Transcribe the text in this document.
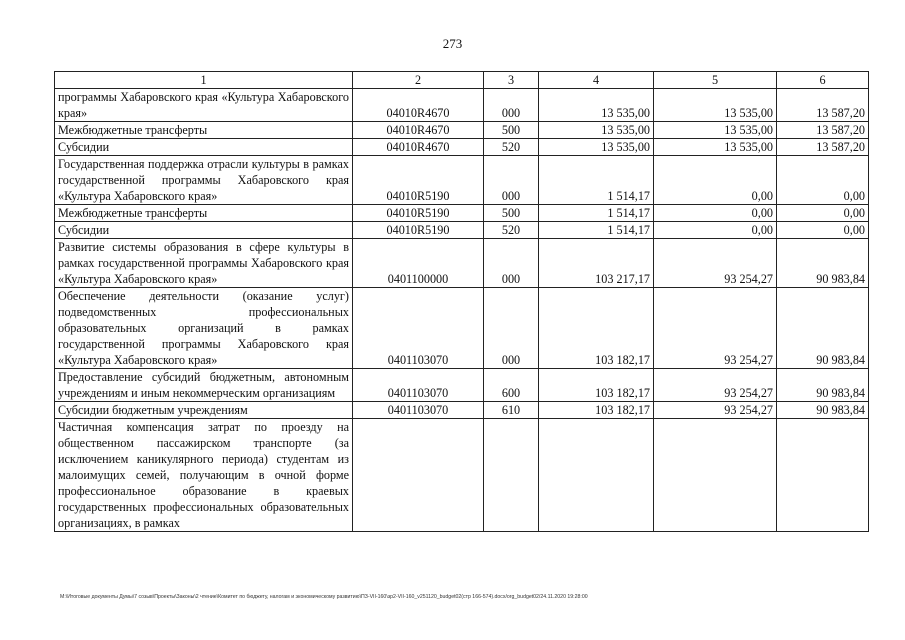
273
1	2	3	4	5	6
программы Хабаровского края «Культура Хабаровского края»	04010R4670	000	13 535,00	13 535,00	13 587,20
Межбюджетные трансферты	04010R4670	500	13 535,00	13 535,00	13 587,20
Субсидии	04010R4670	520	13 535,00	13 535,00	13 587,20
Государственная поддержка отрасли культуры в рамках государственной программы Хабаровского края «Культура Хабаровского края»	04010R5190	000	1 514,17	0,00	0,00
Межбюджетные трансферты	04010R5190	500	1 514,17	0,00	0,00
Субсидии	04010R5190	520	1 514,17	0,00	0,00
Развитие системы образования в сфере культуры в рамках государственной программы Хабаровского края «Культура Хабаровского края»	0401100000	000	103 217,17	93 254,27	90 983,84
Обеспечение деятельности (оказание услуг) подведомственных профессиональных образовательных организаций в рамках государственной программы Хабаровского края «Культура Хабаровского края»	0401103070	000	103 182,17	93 254,27	90 983,84
Предоставление субсидий бюджетным, автономным учреждениям и иным некоммерческим организациям	0401103070	600	103 182,17	93 254,27	90 983,84
Субсидии бюджетным учреждениям	0401103070	610	103 182,17	93 254,27	90 983,84
Частичная компенсация затрат по проезду на общественном пассажирском транспорте (за исключением каникулярного периода) студентам из малоимущих семей, получающим в очной форме профессиональное образование в краевых государственных профессиональных образовательных организациях, в рамках					
M:\Итоговые документы Думы\7 созыв\Проекты\Законы\2 чтение\Комитет по бюджету, налогам и экономическому развитию\ПЗ-VII-160\зр2-VII-160_v251120_budget02(стр 166-574).docx/org_budget02/24.11.2020 19:28:00
